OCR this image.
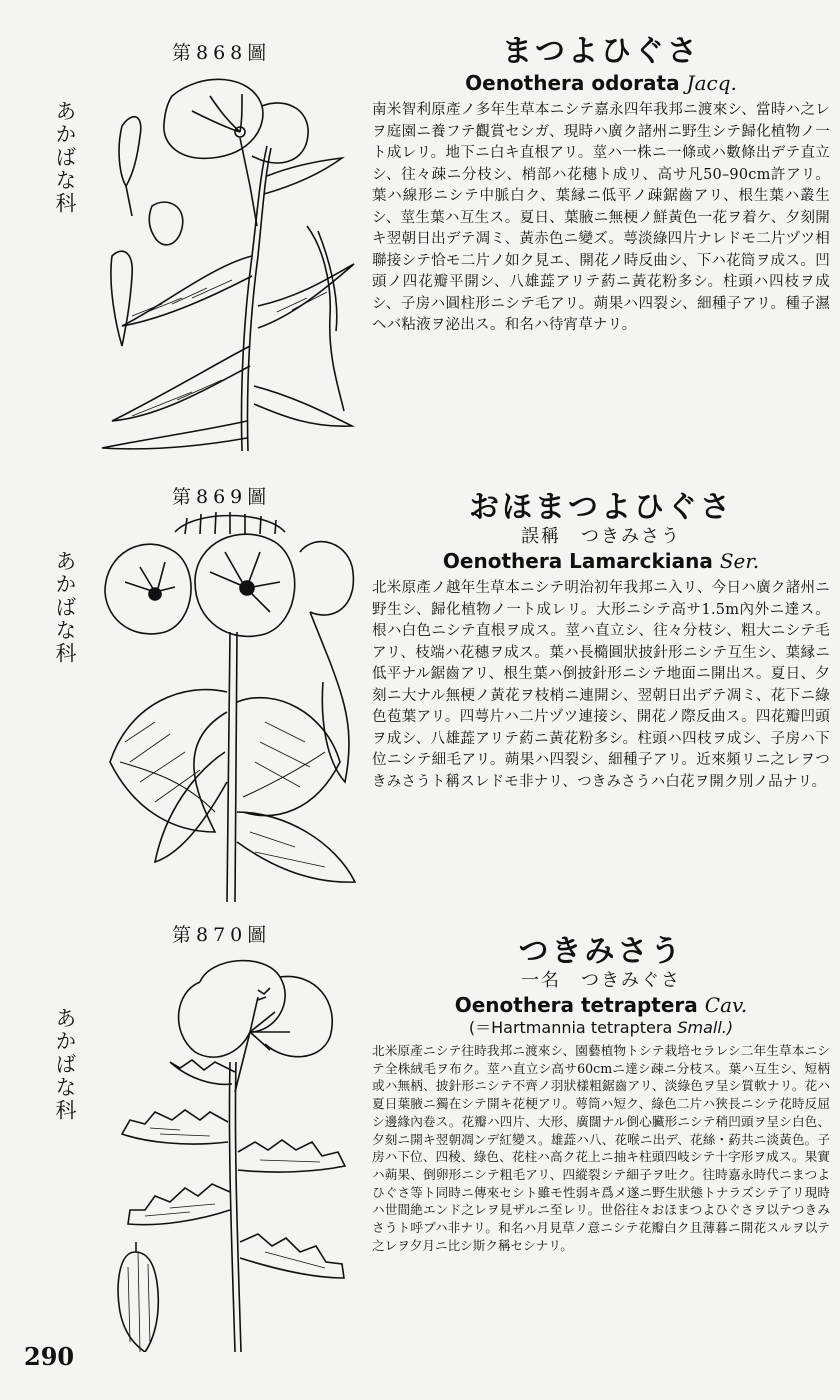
第868圖
あかばな科
まつよひぐさ
Oenothera odorata Jacq.
南米智利原產ノ多年生草本ニシテ嘉永四年我邦ニ渡來シ、當時ハ之レヲ庭園ニ養フテ觀賞セシガ、現時ハ廣ク諸州ニ野生シテ歸化植物ノ一ト成レリ。地下ニ白キ直根アリ。莖ハ一株ニ一條或ハ數條出デテ直立シ、往々疎ニ分枝シ、梢部ハ花穗ト成リ、高サ凡50–90cm許アリ。葉ハ線形ニシテ中脈白ク、葉縁ニ低平ノ疎鋸齒アリ、根生葉ハ叢生シ、莖生葉ハ互生ス。夏日、葉腋ニ無梗ノ鮮黃色一花ヲ着ケ、夕刻開キ翌朝日出デテ凋ミ、黃赤色ニ變ズ。萼淡綠四片ナレドモ二片ヅツ相聯接シテ恰モ二片ノ如ク見エ、開花ノ時反曲シ、下ハ花筒ヲ成ス。凹頭ノ四花瓣平開シ、八雄蕋アリテ葯ニ黃花粉多シ。柱頭ハ四枝ヲ成シ、子房ハ圓柱形ニシテ毛アリ。蒴果ハ四裂シ、細種子アリ。種子濕ヘバ粘液ヲ泌出ス。和名ハ待宵草ナリ。
第869圖
あかばな科
おほまつよひぐさ
誤稱　つきみさう
Oenothera Lamarckiana Ser.
北米原產ノ越年生草本ニシテ明治初年我邦ニ入リ、今日ハ廣ク諸州ニ野生シ、歸化植物ノ一ト成レリ。大形ニシテ高サ1.5m內外ニ達ス。根ハ白色ニシテ直根ヲ成ス。莖ハ直立シ、往々分枝シ、粗大ニシテ毛アリ、枝端ハ花穗ヲ成ス。葉ハ長橢圓狀披針形ニシテ互生シ、葉縁ニ低平ナル鋸齒アリ、根生葉ハ倒披針形ニシテ地面ニ開出ス。夏日、夕刻ニ大ナル無梗ノ黃花ヲ枝梢ニ連開シ、翌朝日出デテ凋ミ、花下ニ綠色苞葉アリ。四萼片ハ二片ヅツ連接シ、開花ノ際反曲ス。四花瓣凹頭ヲ成シ、八雄蕋アリテ葯ニ黃花粉多シ。柱頭ハ四枝ヲ成シ、子房ハ下位ニシテ細毛アリ。蒴果ハ四裂シ、細種子アリ。近來頻リニ之レヲつきみさうト稱スレドモ非ナリ、つきみさうハ白花ヲ開ク別ノ品ナリ。
第870圖
あかばな科
つきみさう
一名　つきみぐさ
Oenothera tetraptera Cav.
(＝Hartmannia tetraptera Small.)
北米原產ニシテ往時我邦ニ渡來シ、園藝植物トシテ栽培セラレシ二年生草本ニシテ全株絨毛ヲ布ク。莖ハ直立シ高サ60cmニ達シ疎ニ分枝ス。葉ハ互生シ、短柄或ハ無柄、披針形ニシテ不齊ノ羽狀樣粗鋸齒アリ、淡綠色ヲ呈シ質軟ナリ。花ハ夏日葉腋ニ獨在シテ開キ花梗アリ。萼筒ハ短ク、綠色二片ハ狹長ニシテ花時反屈シ邊緣內卷ス。花瓣ハ四片、大形、廣闊ナル倒心臟形ニシテ稍凹頭ヲ呈シ白色、夕刻ニ開キ翌朝凋ンデ紅變ス。雄蕋ハ八、花喉ニ出デ、花絲・葯共ニ淡黃色。子房ハ下位、四稜、綠色、花柱ハ高ク花上ニ抽キ柱頭四岐シテ十字形ヲ成ス。果實ハ蒴果、倒卵形ニシテ粗毛アリ、四縱裂シテ細子ヲ吐ク。往時嘉永時代ニまつよひぐさ等ト同時ニ傳來セシト雖モ性弱キ爲メ遂ニ野生狀態トナラズシテ了リ現時ハ世間絶エンド之レヲ見ザルニ至レリ。世俗往々おほまつよひぐさヲ以テつきみさうト呼ブハ非ナリ。和名ハ月見草ノ意ニシテ花瓣白ク且薄暮ニ開花スルヲ以テ之レヲ夕月ニ比シ斯ク稱セシナリ。
290
